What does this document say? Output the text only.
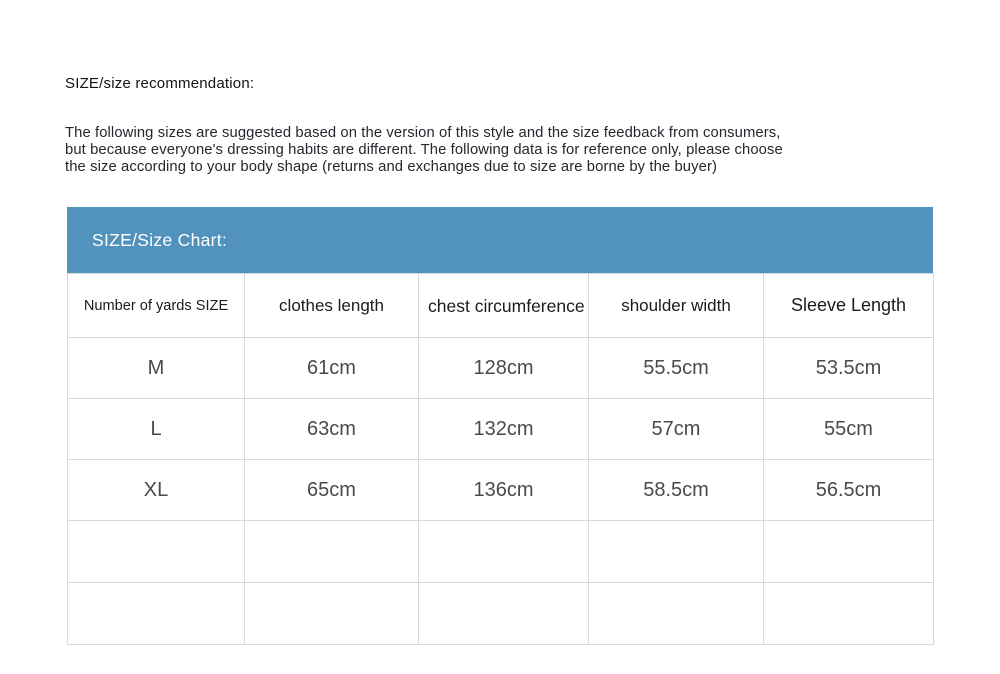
SIZE/size recommendation:
The following sizes are suggested based on the version of this style and the size feedback from consumers,
but because everyone's dressing habits are different. The following data is for reference only, please choose
the size according to your body shape (returns and exchanges due to size are borne by the buyer)
SIZE/Size Chart:
Number of yards SIZE	clothes length	chest circumference	shoulder width	Sleeve Length
M	61cm	128cm	55.5cm	53.5cm
L	63cm	132cm	57cm	55cm
XL	65cm	136cm	58.5cm	56.5cm
